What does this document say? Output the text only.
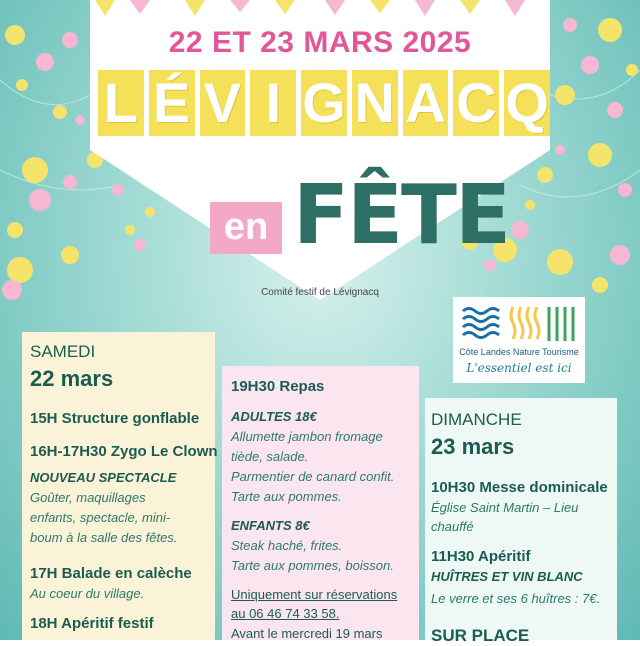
22 ET 23 MARS 2025
L É V I G N A C Q
en FÊTE
Comité festif de Lévignacq
Côte Landes Nature Tourisme
L'essentiel est ici
SAMEDI
22 mars
15H Structure gonflable
16H-17H30 Zygo Le Clown
NOUVEAU SPECTACLE
Goûter, maquillages
enfants, spectacle, mini-
boum à la salle des fêtes.
17H Balade en calèche
Au coeur du village.
18H Apéritif festif
19H30 Repas
ADULTES 18€
Allumette jambon fromage
tiède, salade.
Parmentier de canard confit.
Tarte aux pommes.
ENFANTS 8€
Steak haché, frites.
Tarte aux pommes, boisson.
Uniquement sur réservations
au 06 46 74 33 58.
Avant le mercredi 19 mars
DIMANCHE
23 mars
10H30 Messe dominicale
Église Saint Martin – Lieu
chauffé
11H30 Apéritif
HUÎTRES ET VIN BLANC
Le verre et ses 6 huîtres : 7€.
SUR PLACE
